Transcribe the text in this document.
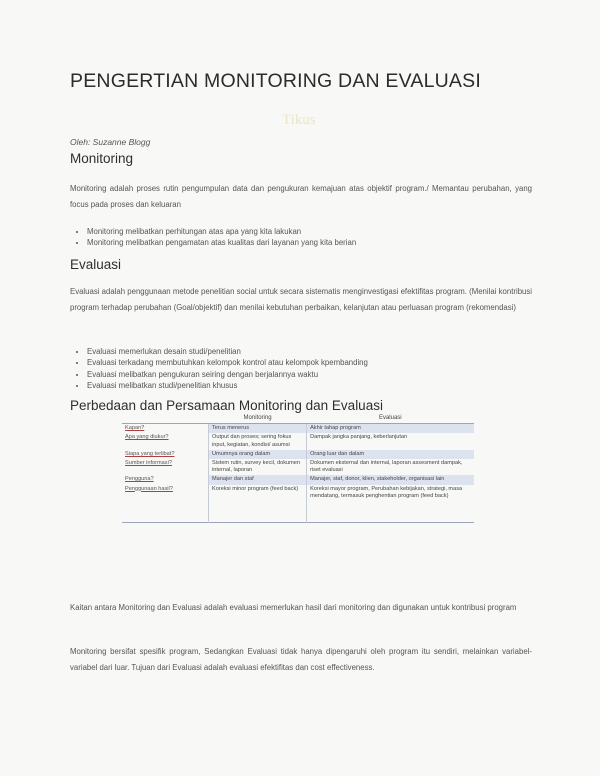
PENGERTIAN MONITORING DAN EVALUASI
Tikus
Oleh: Suzanne Blogg
Monitoring

Monitoring adalah proses rutin pengumpulan data dan pengukuran kemajuan atas objektif program./ Memantau perubahan, yang focus pada proses dan keluaran

• Monitoring melibatkan perhitungan atas apa yang kita lakukan
• Monitoring melibatkan pengamatan atas kualitas dari layanan yang kita berian
Evaluasi

Evaluasi adalah penggunaan metode penelitian social untuk secara sistematis menginvestigasi efektifitas program. (Menilai kontribusi program terhadap perubahan (Goal/objektif) dan menilai kebutuhan perbaikan, kelanjutan atau perluasan program (rekomendasi)

• Evaluasi memerlukan desain studi/penelitian
• Evaluasi terkadang membutuhkan kelompok kontrol atau kelompok kpembanding
• Evaluasi melibatkan pengukuran seiring dengan berjalannya waktu
• Evaluasi melibatkan studi/penelitian khusus
Perbedaan dan Persamaan Monitoring dan Evaluasi
	Monitoring	Evaluasi
Kapan?	Terus menerus	Akhir tahap program
Apa yang diukur?	Output dan proses; sering fokus input, kegiatan, kondisi/ asumsi	Dampak jangka panjang, keberlanjutan
Siapa yang terlibat?	Umumnya orang dalam	Orang luar dan dalam
Sumber informasi?	Sistem rutin, survey kecil, dokumen internal, laporan	Dokumen eksternal dan internal, laporan assesment dampak, riset evaluasi
Pengguna?	Manajer dan staf	Manajer, staf, donor, klien, stakeholder, organisasi lain
Penggunaan hasil?	Koreksi minor program (feed back)	Koreksi mayor program, Perubahan kebijakan, strategi, masa mendatang, termasuk penghentian program (feed back)

Kaitan antara Monitoring dan Evaluasi adalah evaluasi memerlukan hasil dari monitoring dan digunakan untuk kontribusi program

Monitoring bersifat spesifik program, Sedangkan Evaluasi tidak hanya dipengaruhi oleh program itu sendiri, melainkan variabel-variabel dari luar. Tujuan dari Evaluasi adalah evaluasi efektifitas dan cost effectiveness.
